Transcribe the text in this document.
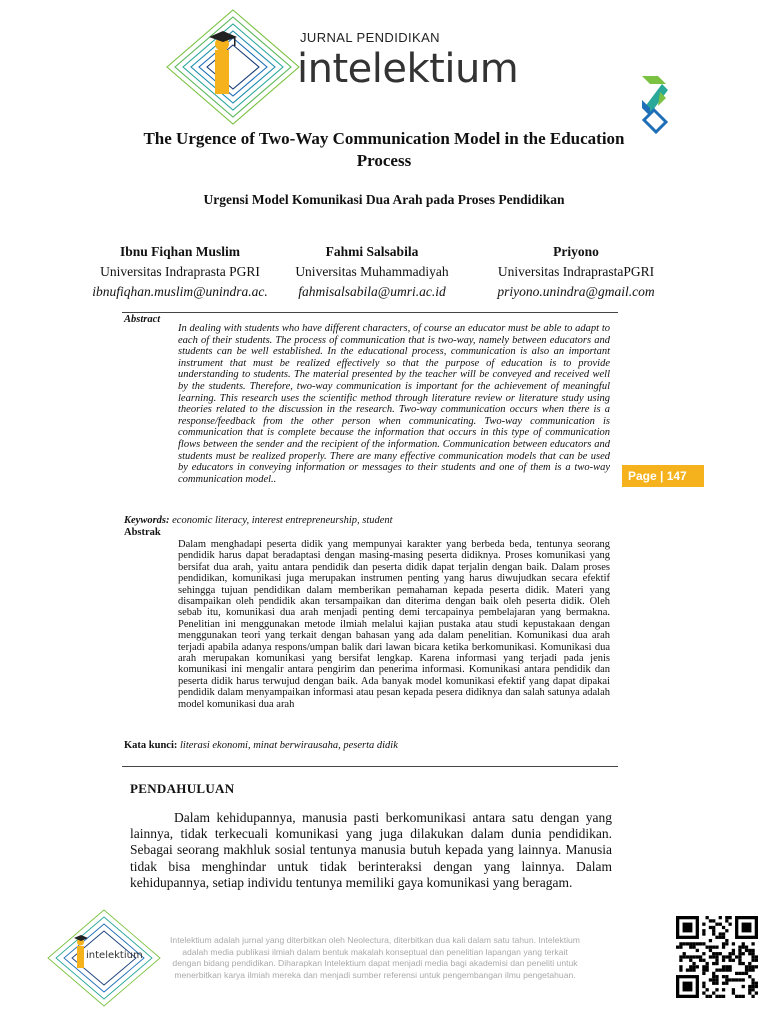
JURNAL PENDIDIKAN
intelektium
The Urgence of Two-Way Communication Model in the Education Process
Urgensi Model Komunikasi Dua Arah pada Proses Pendidikan
Ibnu Fiqhan Muslim
Universitas Indraprasta PGRI
ibnufiqhan.muslim@unindra.ac.
Fahmi Salsabila
Universitas Muhammadiyah
fahmisalsabila@umri.ac.id
Priyono
Universitas IndraprastaPGRI
priyono.unindra@gmail.com
Abstract
In dealing with students who have different characters, of course an educator must be able to adapt to each of their students. The process of communication that is two-way, namely between educators and students can be well established. In the educational process, communication is also an important instrument that must be realized effectively so that the purpose of education is to provide understanding to students. The material presented by the teacher will be conveyed and received well by the students. Therefore, two-way communication is important for the achievement of meaningful learning. This research uses the scientific method through literature review or literature study using theories related to the discussion in the research. Two-way communication occurs when there is a response/feedback from the other person when communicating. Two-way communication is communication that is complete because the information that occurs in this type of communication flows between the sender and the recipient of the information. Communication between educators and students must be realized properly. There are many effective communication models that can be used by educators in conveying information or messages to their students and one of them is a two-way communication model..
Keywords: economic literacy, interest entrepreneurship, student
Abstrak
Dalam menghadapi peserta didik yang mempunyai karakter yang berbeda beda, tentunya seorang pendidik harus dapat beradaptasi dengan masing-masing peserta didiknya. Proses komunikasi yang bersifat dua arah, yaitu antara pendidik dan peserta didik dapat terjalin dengan baik. Dalam proses pendidikan, komunikasi juga merupakan instrumen penting yang harus diwujudkan secara efektif sehingga tujuan pendidikan dalam memberikan pemahaman kepada peserta didik. Materi yang disampaikan oleh pendidik akan tersampaikan dan diterima dengan baik oleh peserta didik. Oleh sebab itu, komunikasi dua arah menjadi penting demi tercapainya pembelajaran yang bermakna. Penelitian ini menggunakan metode ilmiah melalui kajian pustaka atau studi kepustakaan dengan menggunakan teori yang terkait dengan bahasan yang ada dalam penelitian. Komunikasi dua arah terjadi apabila adanya respons/umpan balik dari lawan bicara ketika berkomunikasi. Komunikasi dua arah merupakan komunikasi yang bersifat lengkap. Karena informasi yang terjadi pada jenis komunikasi ini mengalir antara pengirim dan penerima informasi. Komunikasi antara pendidik dan peserta didik harus terwujud dengan baik. Ada banyak model komunikasi efektif yang dapat dipakai pendidik dalam menyampaikan informasi atau pesan kepada pesera didiknya dan salah satunya adalah model komunikasi dua arah
Kata kunci: literasi ekonomi, minat berwirausaha, peserta didik
Page | 147
PENDAHULUAN
Dalam kehidupannya, manusia pasti berkomunikasi antara satu dengan yang lainnya, tidak terkecuali komunikasi yang juga dilakukan dalam dunia pendidikan. Sebagai seorang makhluk sosial tentunya manusia butuh kepada yang lainnya. Manusia tidak bisa menghindar untuk tidak berinteraksi dengan yang lainnya. Dalam kehidupannya, setiap individu tentunya memiliki gaya komunikasi yang beragam.
intelektium
Intelektium adalah jurnal yang diterbitkan oleh Neolectura, diterbitkan dua kali dalam satu tahun. Intelektium adalah media publikasi ilmiah dalam bentuk makalah konseptual dan penelitian lapangan yang terkait dengan bidang pendidikan. Diharapkan Intelektium dapat menjadi media bagi akademisi dan peneliti untuk menerbitkan karya ilmiah mereka dan menjadi sumber referensi untuk pengembangan ilmu pengetahuan.
